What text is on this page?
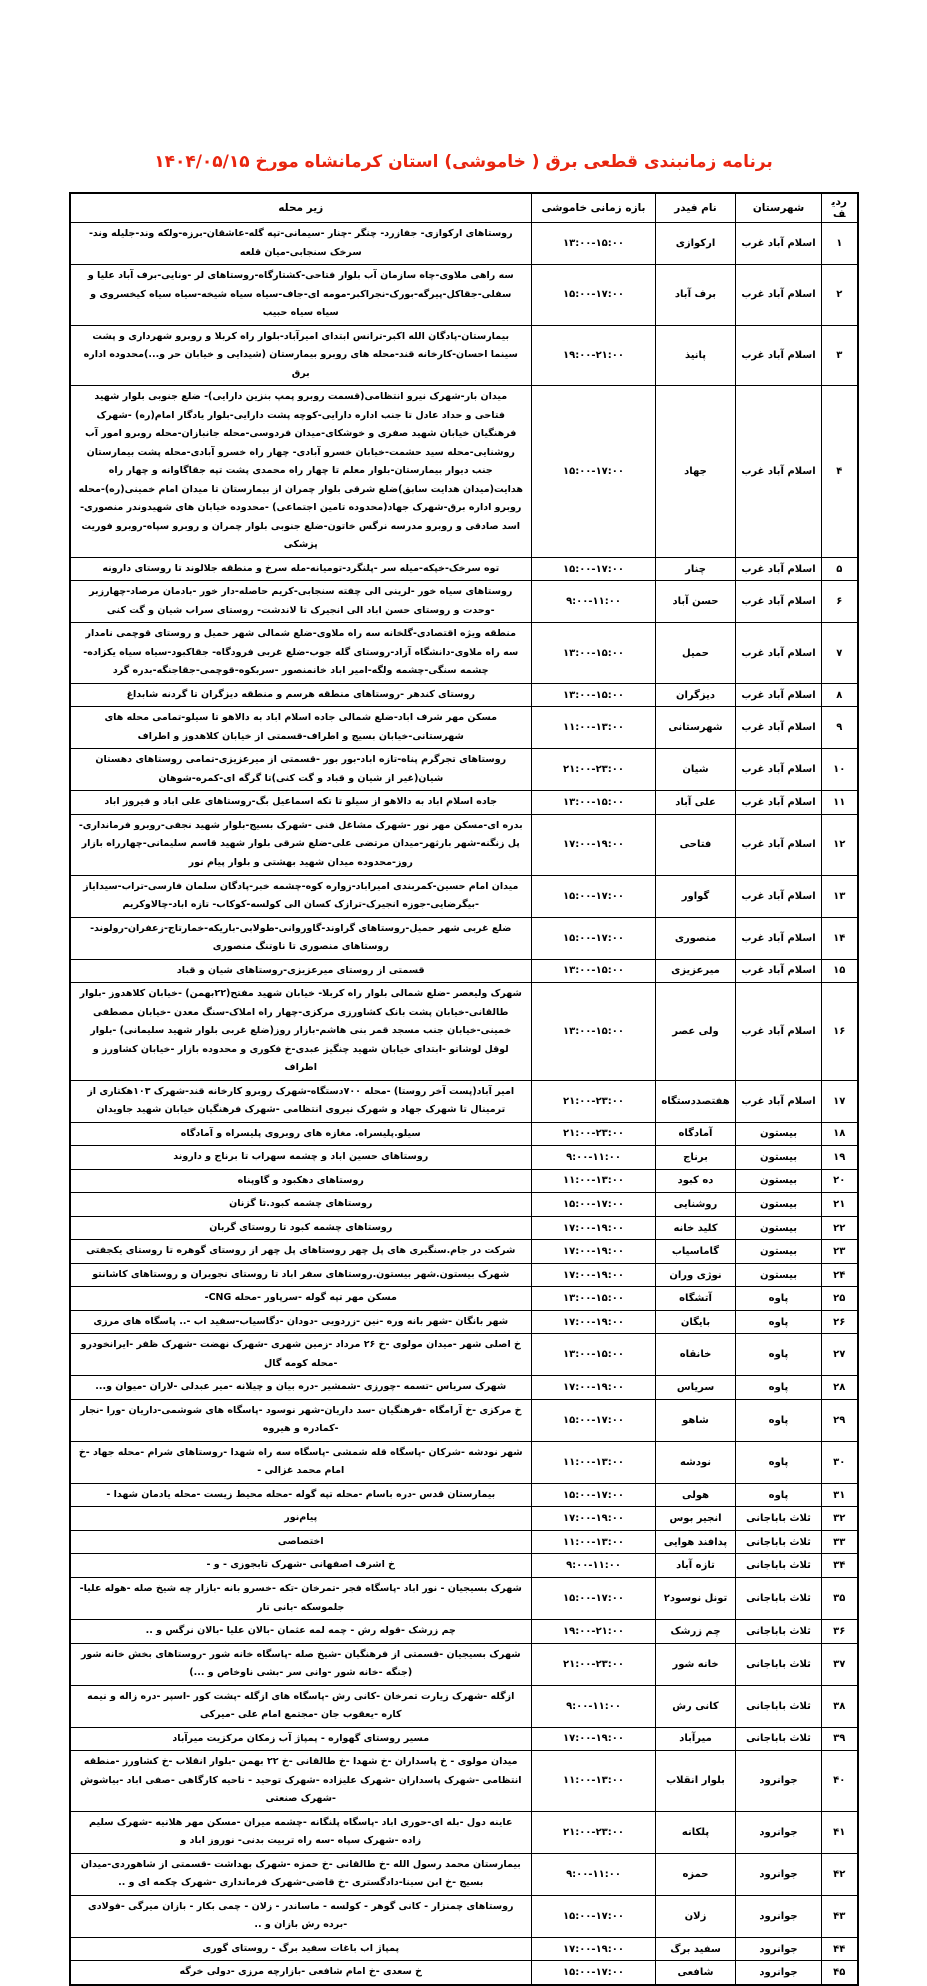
برنامه زمانبندی قطعی برق ( خاموشی) استان کرمانشاه مورخ ۱۴۰۴/۰۵/۱۵
ردیف	شهرستان	نام فیدر	بازه زمانی خاموشی	زیر محله
۱	اسلام آباد غرب	ارکوازی	۱۳:۰۰-۱۵:۰۰	روستاهای ارکوازی- جفازرد- چنگر -چنار -سیمانی-تپه گله-عاشقان-برزه-ولکه وند-جلیله وند-سرخک سنجابی-میان قلعه
۲	اسلام آباد غرب	برف آباد	۱۵:۰۰-۱۷:۰۰	سه راهی ملاوی-چاه سازمان آب بلوار فتاحی-کشتارگاه-روستاهای لر -ونایی-برف آباد علیا و سفلی-جقاکل-پیرگه-بورک-نجراکبر-مومه ای-جاف-سیاه سیاه شیخه-سیاه سیاه کیخسروی و سیاه سیاه حبیب
۳	اسلام آباد غرب	پانیذ	۱۹:۰۰-۲۱:۰۰	بیمارستان-پادگان الله اکبر-ترانس ابتدای امیرآباد-بلوار راه کربلا و روبرو شهرداری و پشت سینما احسان-کارخانه قند-محله های روبرو بیمارستان (شیدایی و خیابان حر و...)محدوده اداره برق
۴	اسلام آباد غرب	جهاد	۱۵:۰۰-۱۷:۰۰	میدان بار-شهرک نیرو انتظامی(قسمت روبرو پمپ بنزین دارایی)- ضلع جنوبی بلوار شهید فتاحی و حداد عادل تا جنب اداره دارایی-کوچه پشت دارایی-بلوار یادگار امام(ره) -شهرک فرهنگیان خیابان شهید صفری و خوشکای-میدان فردوسی-محله جانبازان-محله روبرو امور آب روشنایی-محله سید حشمت-خیابان خسرو آبادی- چهار راه خسرو آبادی-محله پشت بیمارستان جنب دیوار بیمارستان-بلوار معلم تا چهار راه محمدی پشت تپه جقاگاوانه و چهار راه هدایت(میدان هدایت سابق)ضلع شرقی بلوار چمران از بیمارستان تا میدان امام خمینی(ره)-محله روبرو اداره برق-شهرک جهاد(محدوده تامین اجتماعی) -محدوده خیابان های شهیدوندر منصوری-اسد صادقی و روبرو مدرسه نرگس خاتون-ضلع جنوبی بلوار چمران و روبرو سپاه-روبرو فوریت پزشکی
۵	اسلام آباد غرب	چنار	۱۵:۰۰-۱۷:۰۰	توه سرخک-خپکه-میله سر -پلنگرد-تومیانه-مله سرخ و منطقه جلالوند تا روستای دارونه
۶	اسلام آباد غرب	حسن آباد	۹:۰۰-۱۱:۰۰	روستاهای سیاه خور -لرینی الی چفته سنجابی-کریم حاصله-دار خور -بادمان مرصاد-چهارزبر -وحدت و روستای حسن اباد الی انجیرک تا لاندشت- روستای سراب شیان و گت کنی
۷	اسلام آباد غرب	حمیل	۱۳:۰۰-۱۵:۰۰	منطقه ویژه اقتصادی-گلخانه سه راه ملاوی-ضلع شمالی شهر حمیل و روستای قوچمی نامدار سه راه ملاوی-دانشگاه آزاد-روستای گله جوب-ضلع غربی فرودگاه- جقاکبود-سیاه سیاه یکزاده-چشمه سنگی-چشمه ولگه-امیر اباد خانمنصور -سربکوه-قوچمی-جقاجنگه-بدره گرد
۸	اسلام آباد غرب	دیزگران	۱۳:۰۰-۱۵:۰۰	روستای کندهر -روستاهای منطقه هرسم و منطقه دیزگران تا گردنه شابداغ
۹	اسلام آباد غرب	شهرستانی	۱۱:۰۰-۱۳:۰۰	مسکن مهر شرف اباد-ضلع شمالی جاده اسلام اباد به دالاهو تا سیلو-تمامی محله های شهرستانی-خیابان بسیج و اطراف-قسمتی از خیابان کلاهدوز و اطراف
۱۰	اسلام آباد غرب	شیان	۲۱:۰۰-۲۳:۰۰	روستاهای تجرگرم پناه-تازه اباد-بور بور -قسمتی از میرعزیزی-تمامی روستاهای دهستان شیان(غیر از شیان و قباد و گت کنی)تا گرگه ای-کمره-شوهان
۱۱	اسلام آباد غرب	علی آباد	۱۳:۰۰-۱۵:۰۰	جاده اسلام اباد به دالاهو از سیلو تا تکه اسماعیل بگ-روستاهای علی اباد و فیروز اباد
۱۲	اسلام آباد غرب	فتاحی	۱۷:۰۰-۱۹:۰۰	بدره ای-مسکن مهر نور -شهرک مشاغل فنی -شهرک بسیج-بلوار شهید نجفی-روبرو فرمانداری-پل زنگنه-شهر بارثهر-میدان مرتضی علی-ضلع شرقی بلوار شهید قاسم سلیمانی-چهارراه بازار روز-محدوده میدان شهید بهشتی و بلوار پیام نور
۱۳	اسلام آباد غرب	گواور	۱۵:۰۰-۱۷:۰۰	میدان امام حسین-کمربندی امیراباد-زواره کوه-چشمه خبر-پادگان سلمان فارسی-تراب-سیدایاز -بیگرضایی-جوزه انجیرک-ترازک کسان الی کولسه-کوکاب- تازه اباد-چالاوکریم
۱۴	اسلام آباد غرب	منصوری	۱۵:۰۰-۱۷:۰۰	ضلع غربی شهر حمیل-روستاهای گراوند-گاوروانی-طولابی-باریکه-خمارتاج-زعفران-رولوند-روستاهای منصوری تا ناوتنگ منصوری
۱۵	اسلام آباد غرب	میرعزیزی	۱۳:۰۰-۱۵:۰۰	قسمتی از روستای میرعزیزی-روستاهای شیان و قباد
۱۶	اسلام آباد غرب	ولی عصر	۱۳:۰۰-۱۵:۰۰	شهرک ولیعصر -ضلع شمالی بلوار راه کربلا- خیابان شهید مفتح(۲۲بهمن) -خیابان کلاهدوز -بلوار طالقانی-خیابان پشت بانک کشاورزی مرکزی-چهار راه املاک-سنگ معدن -خیابان مصطفی خمینی-خیابان جنب مسجد قمر بنی هاشم-بازار روز(ضلع غربی بلوار شهید سلیمانی) -بلوار لوقل لوشاتو -ابتدای خیابان شهید چنگیز عبدی-خ فکوری و محدوده بازار -خیابان کشاورز و اطراف
۱۷	اسلام آباد غرب	هفتصددستگاه	۲۱:۰۰-۲۳:۰۰	امیر آباد(پست آخر روستا) -محله ۷۰۰دستگاه-شهرک روبرو کارخانه قند-شهرک ۱۰۳هکتاری از ترمینال تا شهرک جهاد و شهرک نیروی انتظامی -شهرک فرهنگیان خیابان شهید جاویدان
۱۸	بیستون	آمادگاه	۲۱:۰۰-۲۳:۰۰	سیلو.پلیسراه. مغازه های روبروی پلیسراه و آمادگاه
۱۹	بیستون	برناج	۹:۰۰-۱۱:۰۰	روستاهای حسین اباد و چشمه سهراب تا برناج و داروند
۲۰	بیستون	ده کبود	۱۱:۰۰-۱۳:۰۰	روستاهای دهکبود و گاوپناه
۲۱	بیستون	روشنایی	۱۵:۰۰-۱۷:۰۰	روستاهای چشمه کبود.تا گزنان
۲۲	بیستون	کلید خانه	۱۷:۰۰-۱۹:۰۰	روستاهای چشمه کبود تا روستای گربان
۲۳	بیستون	گاماسیاب	۱۷:۰۰-۱۹:۰۰	شرکت در جام.سنگبری های پل چهر روستاهای پل چهر از روستای گوهره تا روستای یکجفتی
۲۴	بیستون	نوژی وران	۱۷:۰۰-۱۹:۰۰	شهرک بیستون.شهر بیستون.روستاهای سفر اباد تا روستای نجویران و روستاهای کاشانتو
۲۵	پاوه	آتشگاه	۱۳:۰۰-۱۵:۰۰	مسکن مهر تپه گوله -سرپاور -محله CNG-
۲۶	پاوه	بایگان	۱۷:۰۰-۱۹:۰۰	شهر بانگان -شهر بانه وره -نین -زردویی -دودان -دگاسیاب-سفید اب -.. پاسگاه های مرزی
۲۷	پاوه	خانقاه	۱۳:۰۰-۱۵:۰۰	خ اصلی شهر -میدان مولوی -خ ۲۶ مرداد -زمین شهری -شهرک نهضت -شهرک ظفر -ایرانخودرو -محله کومه گال
۲۸	پاوه	سریاس	۱۷:۰۰-۱۹:۰۰	شهرک سریاس -تسمه -چورزی -شمشیر -دره بیان و چیلانه -میر عبدلی -لاران -میوان و...
۲۹	پاوه	شاهو	۱۵:۰۰-۱۷:۰۰	خ مرکزی -خ آرامگاه -فرهنگیان -سد داریان-شهر نوسود -پاسگاه های شوشمی-داریان -ورا -نجار -کمادره و هیروه
۳۰	پاوه	نودشه	۱۱:۰۰-۱۳:۰۰	شهر نودشه -شرکان -پاسگاه قله شمشی -پاسگاه سه راه شهدا -روستاهای شرام -محله جهاد -خ امام محمد غزالی -
۳۱	پاوه	هولی	۱۵:۰۰-۱۷:۰۰	بیمارستان قدس -دره باسام -محله تپه گوله -محله محیط زیست -محله یادمان شهدا -
۳۲	ثلاث باباجانی	انجیر بوس	۱۷:۰۰-۱۹:۰۰	پیام‌نور
۳۳	ثلاث باباجانی	پدافند هوایی	۱۱:۰۰-۱۳:۰۰	اختصاصی
۳۴	ثلاث باباجانی	تازه آباد	۹:۰۰-۱۱:۰۰	خ اشرف اصفهانی -شهرک تابجوزی - و -
۳۵	ثلاث باباجانی	تونل نوسود۲	۱۵:۰۰-۱۷:۰۰	شهرک بسیجیان - نور اباد -پاسگاه فجر -تمرخان -تکه -خسرو بانه -بازار چه شیخ صله -هوله علیا- جلموسکه -بانی تار
۳۶	ثلاث باباجانی	چم زرشک	۱۹:۰۰-۲۱:۰۰	چم زرشک -قوله رش - چمه لمه عثمان -بالان علیا -بالان نرگس و ..
۳۷	ثلاث باباجانی	خانه شور	۲۱:۰۰-۲۳:۰۰	شهرک بسیجیان -قسمتی از فرهنگیان -شیخ صله -پاسگاه خانه شور -روستاهای بخش خانه شور (جنگه -خانه شور -وانی سر -بشی ناوخاص و ...)
۳۸	ثلاث باباجانی	کانی رش	۹:۰۰-۱۱:۰۰	ازگله -شهرک زیارت تمرخان -کانی رش -پاسگاه های ازگله -پشت کور -اسپر -دره زاله و نیمه کاره -یعقوب جان -مجتمع امام علی -میرکی
۳۹	ثلاث باباجانی	میرآباد	۱۷:۰۰-۱۹:۰۰	مسیر روستای گهواره - پمپاژ آب زمکان مرکزیت میرآباد
۴۰	جوانرود	بلوار انقلاب	۱۱:۰۰-۱۳:۰۰	میدان مولوی - خ پاسداران -خ شهدا -خ طالقانی -خ ۲۲ بهمن -بلوار انقلاب -خ کشاورز -منطقه انتظامی -شهرک پاسداران -شهرک علیزاده -شهرک توحید - ناحیه کارگاهی -صفی اباد -بیاشوش -شهرک صنعتی
۴۱	جوانرود	پلکانه	۲۱:۰۰-۲۳:۰۰	عاینه دول -بله ای-حوری اباد -پاسگاه پلنگانه -چشمه میران -مسکن مهر هلانیه -شهرک سلیم زاده -شهرک سپاه -سه راه تربیت بدنی- نوروز اباد و
۴۲	جوانرود	حمزه	۹:۰۰-۱۱:۰۰	بیمارستان محمد رسول الله -خ طالقانی -خ حمزه -شهرک بهداشت -قسمتی از شاهوردی-میدان بسیج -خ ابن سینا-دادگستری -خ قاضی-شهرک فرمانداری -شهرک چکمه ای و ..
۴۳	جوانرود	زلان	۱۵:۰۰-۱۷:۰۰	روستاهای چمنزار - کانی گوهر - کولسه - ماساندر - زلان - چمی بکار - بازان میرگی -فولادی -برده رش بازان و ..
۴۴	جوانرود	سفید برگ	۱۷:۰۰-۱۹:۰۰	پمپاژ اب باغات سفید برگ - روستای گوری
۴۵	جوانرود	شافعی	۱۵:۰۰-۱۷:۰۰	خ سعدی -خ امام شافعی -بازارچه مرزی -دولی خرگه
